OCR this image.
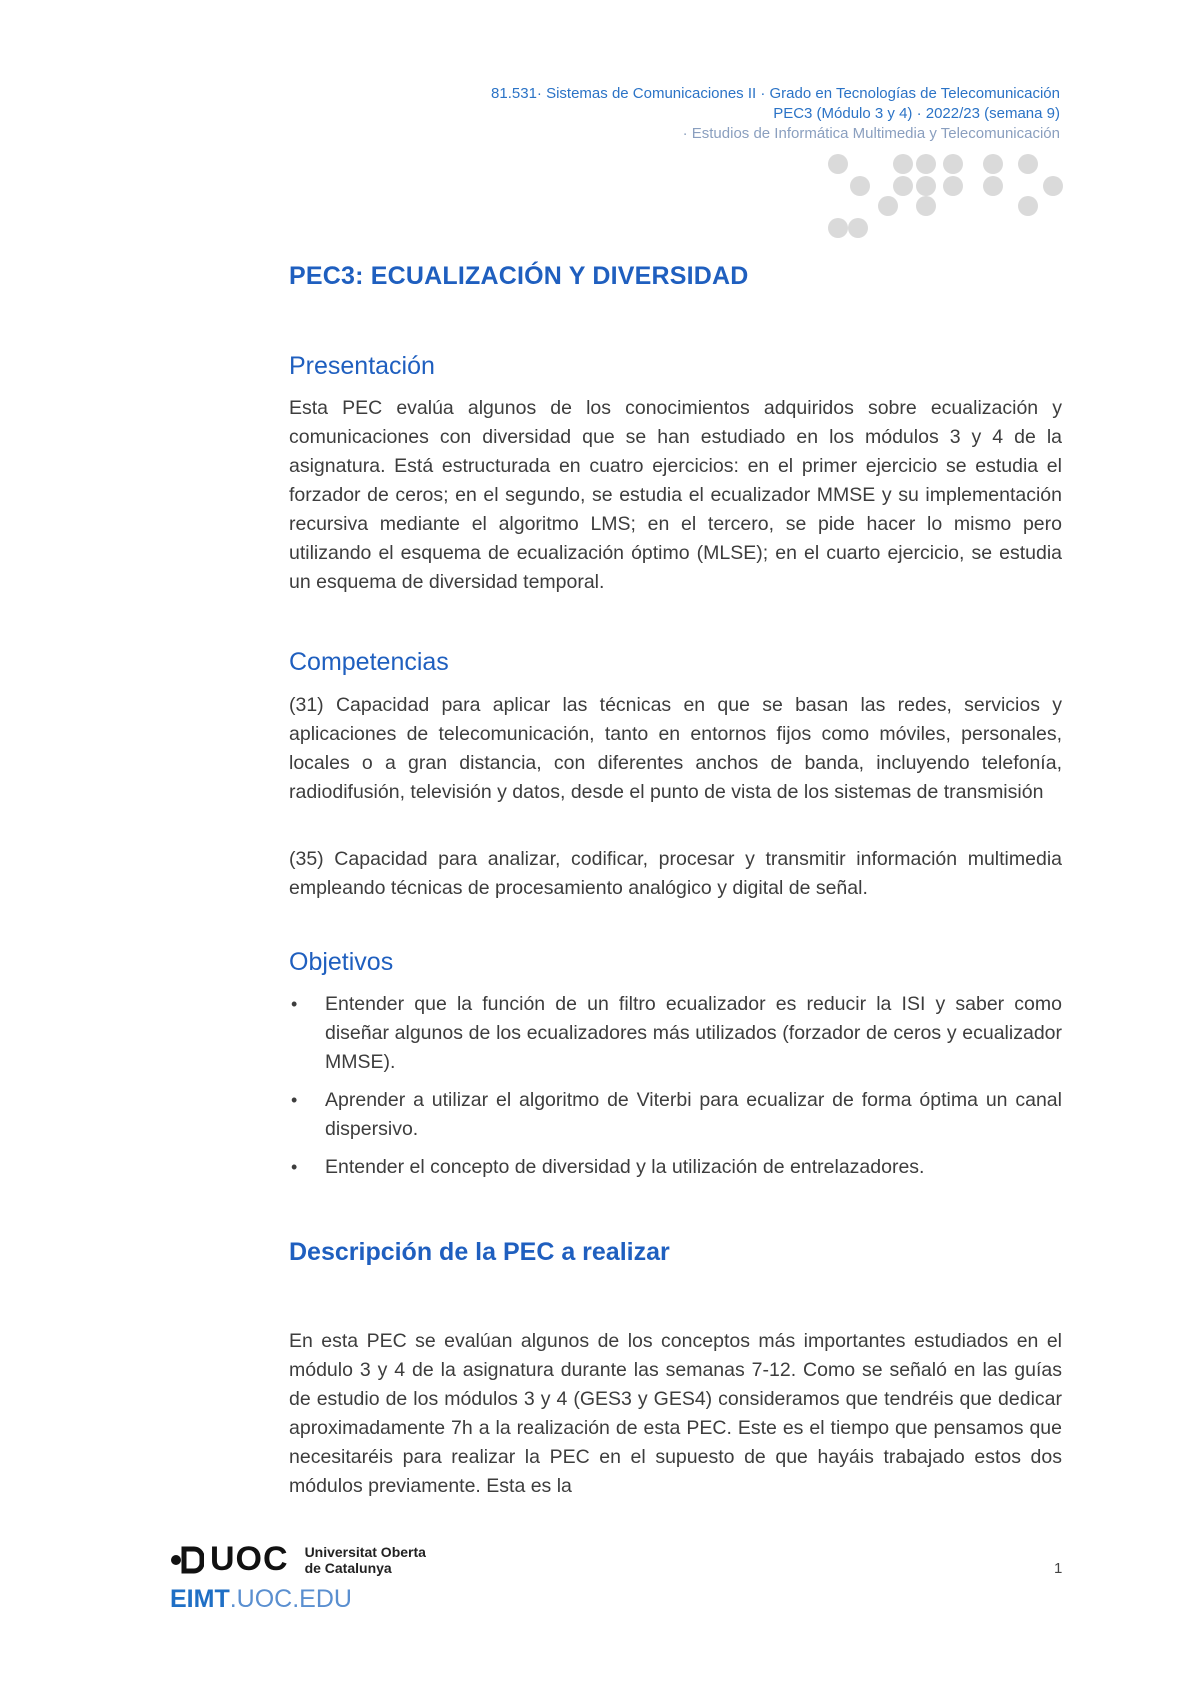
81.531· Sistemas de Comunicaciones II · Grado en Tecnologías de Telecomunicación
PEC3 (Módulo 3 y 4) · 2022/23 (semana 9)
· Estudios de Informática Multimedia y Telecomunicación
PEC3: ECUALIZACIÓN Y DIVERSIDAD
Presentación

Esta PEC evalúa algunos de los conocimientos adquiridos sobre ecualización y comunicaciones con diversidad que se han estudiado en los módulos 3 y 4 de la asignatura. Está estructurada en cuatro ejercicios: en el primer ejercicio se estudia el forzador de ceros; en el segundo, se estudia el ecualizador MMSE y su implementación recursiva mediante el algoritmo LMS; en el tercero, se pide hacer lo mismo pero utilizando el esquema de ecualización óptimo (MLSE); en el cuarto ejercicio, se estudia un esquema de diversidad temporal.

Competencias

(31) Capacidad para aplicar las técnicas en que se basan las redes, servicios y aplicaciones de telecomunicación, tanto en entornos fijos como móviles, personales, locales o a gran distancia, con diferentes anchos de banda, incluyendo telefonía, radiodifusión, televisión y datos, desde el punto de vista de los sistemas de transmisión

(35) Capacidad para analizar, codificar, procesar y transmitir información multimedia empleando técnicas de procesamiento analógico y digital de señal.

Objetivos
• Entender que la función de un filtro ecualizador es reducir la ISI y saber como diseñar algunos de los ecualizadores más utilizados (forzador de ceros y ecualizador MMSE).
• Aprender a utilizar el algoritmo de Viterbi para ecualizar de forma óptima un canal dispersivo.
• Entender el concepto de diversidad y la utilización de entrelazadores.
Descripción de la PEC a realizar

En esta PEC se evalúan algunos de los conceptos más importantes estudiados en el módulo 3 y 4 de la asignatura durante las semanas 7-12. Como se señaló en las guías de estudio de los módulos 3 y 4 (GES3 y GES4) consideramos que tendréis que dedicar aproximadamente 7h a la realización de esta PEC. Este es el tiempo que pensamos que necesitaréis para realizar la PEC en el supuesto de que hayáis trabajado estos dos módulos previamente. Esta es la

UOC Universitat Oberta
de Catalunya
EIMT.UOC.EDU
1
